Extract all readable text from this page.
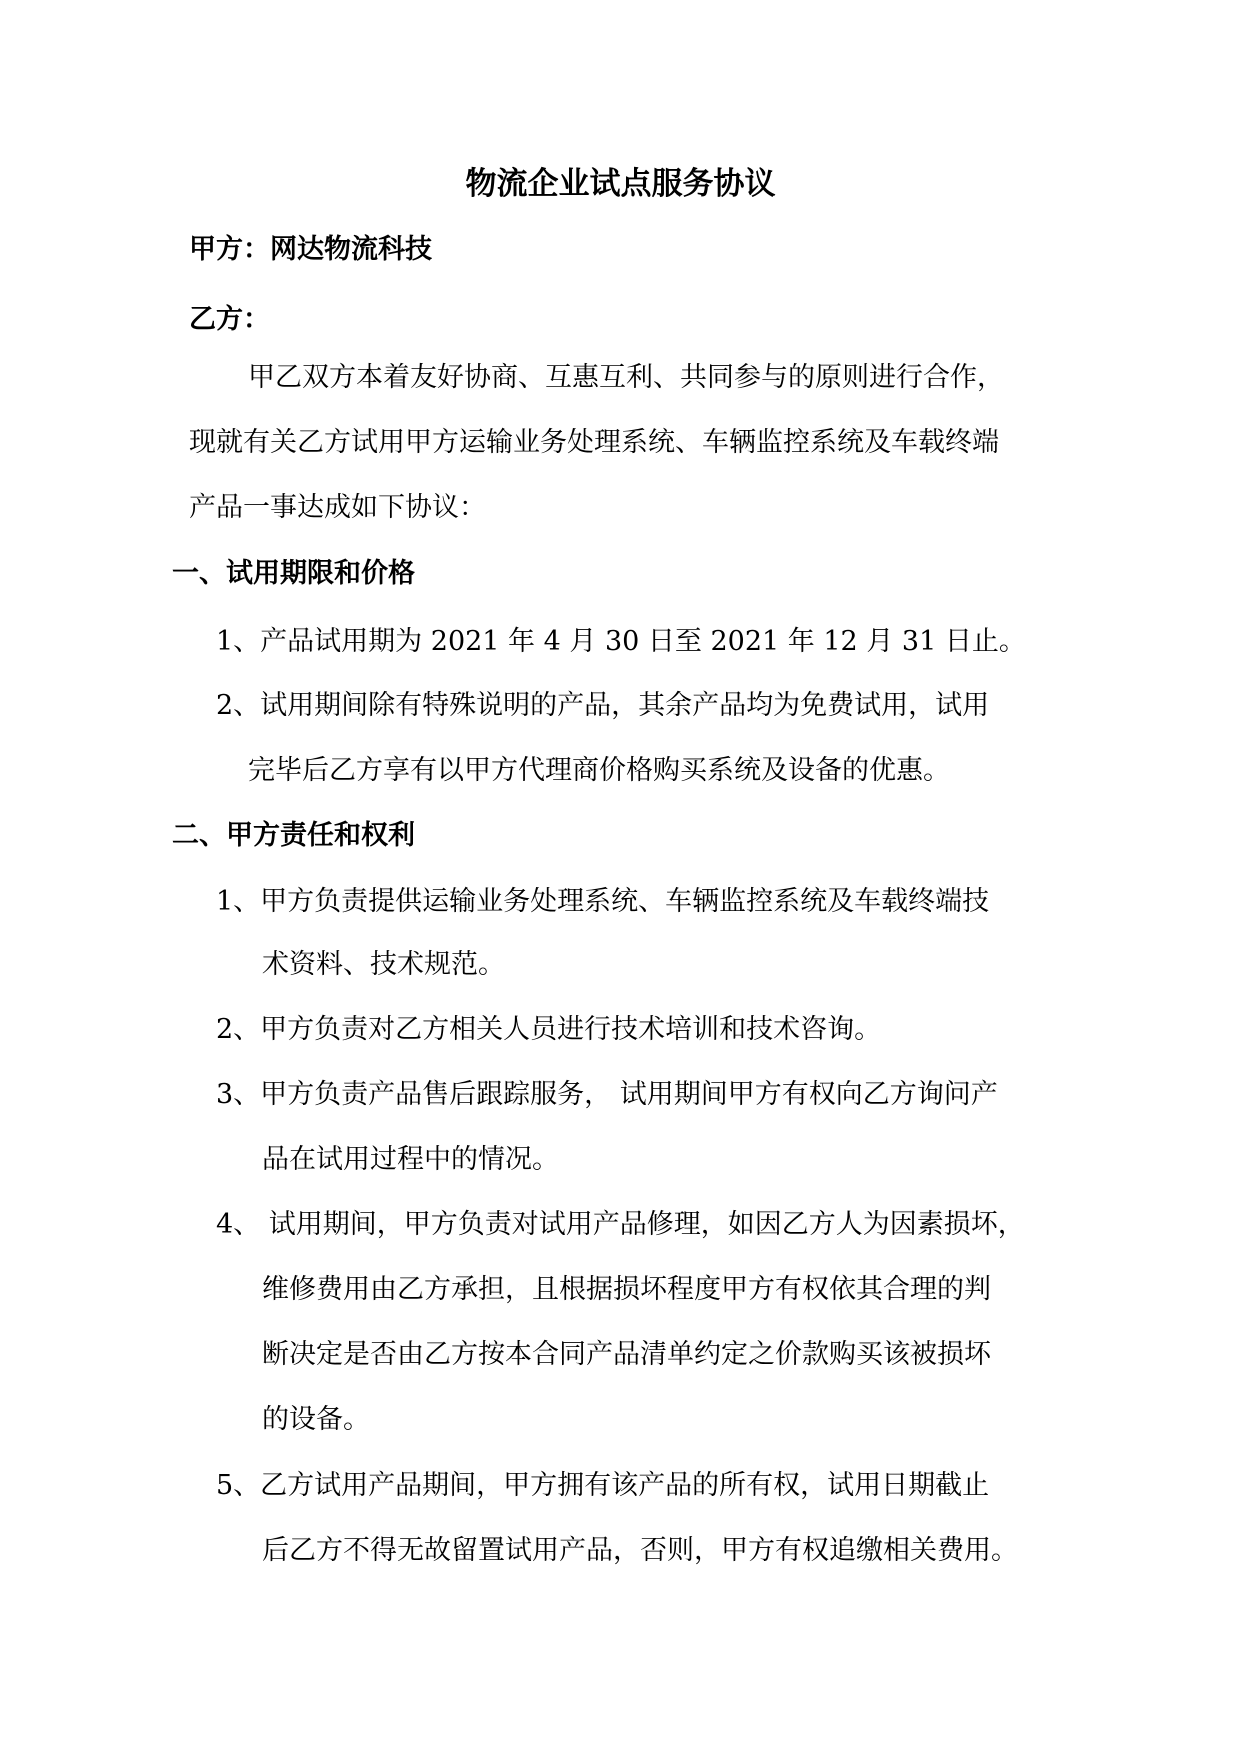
物流企业试点服务协议
甲方：网达物流科技
乙方：
甲乙双方本着友好协商、互惠互利、共同参与的原则进行合作，
现就有关乙方试用甲方运输业务处理系统、车辆监控系统及车载终端
产品一事达成如下协议：
一、试用期限和价格
1、产品试用期为 2021 年 4 月 30 日至 2021 年 12 月 31 日止。
2、试用期间除有特殊说明的产品，其余产品均为免费试用，试用
完毕后乙方享有以甲方代理商价格购买系统及设备的优惠。
二、甲方责任和权利
1、甲方负责提供运输业务处理系统、车辆监控系统及车载终端技
术资料、技术规范。
2、甲方负责对乙方相关人员进行技术培训和技术咨询。
3、甲方负责产品售后跟踪服务， 试用期间甲方有权向乙方询问产
品在试用过程中的情况。
4、 试用期间，甲方负责对试用产品修理，如因乙方人为因素损坏，
维修费用由乙方承担，且根据损坏程度甲方有权依其合理的判
断决定是否由乙方按本合同产品清单约定之价款购买该被损坏
的设备。
5、乙方试用产品期间，甲方拥有该产品的所有权，试用日期截止
后乙方不得无故留置试用产品，否则，甲方有权追缴相关费用。
